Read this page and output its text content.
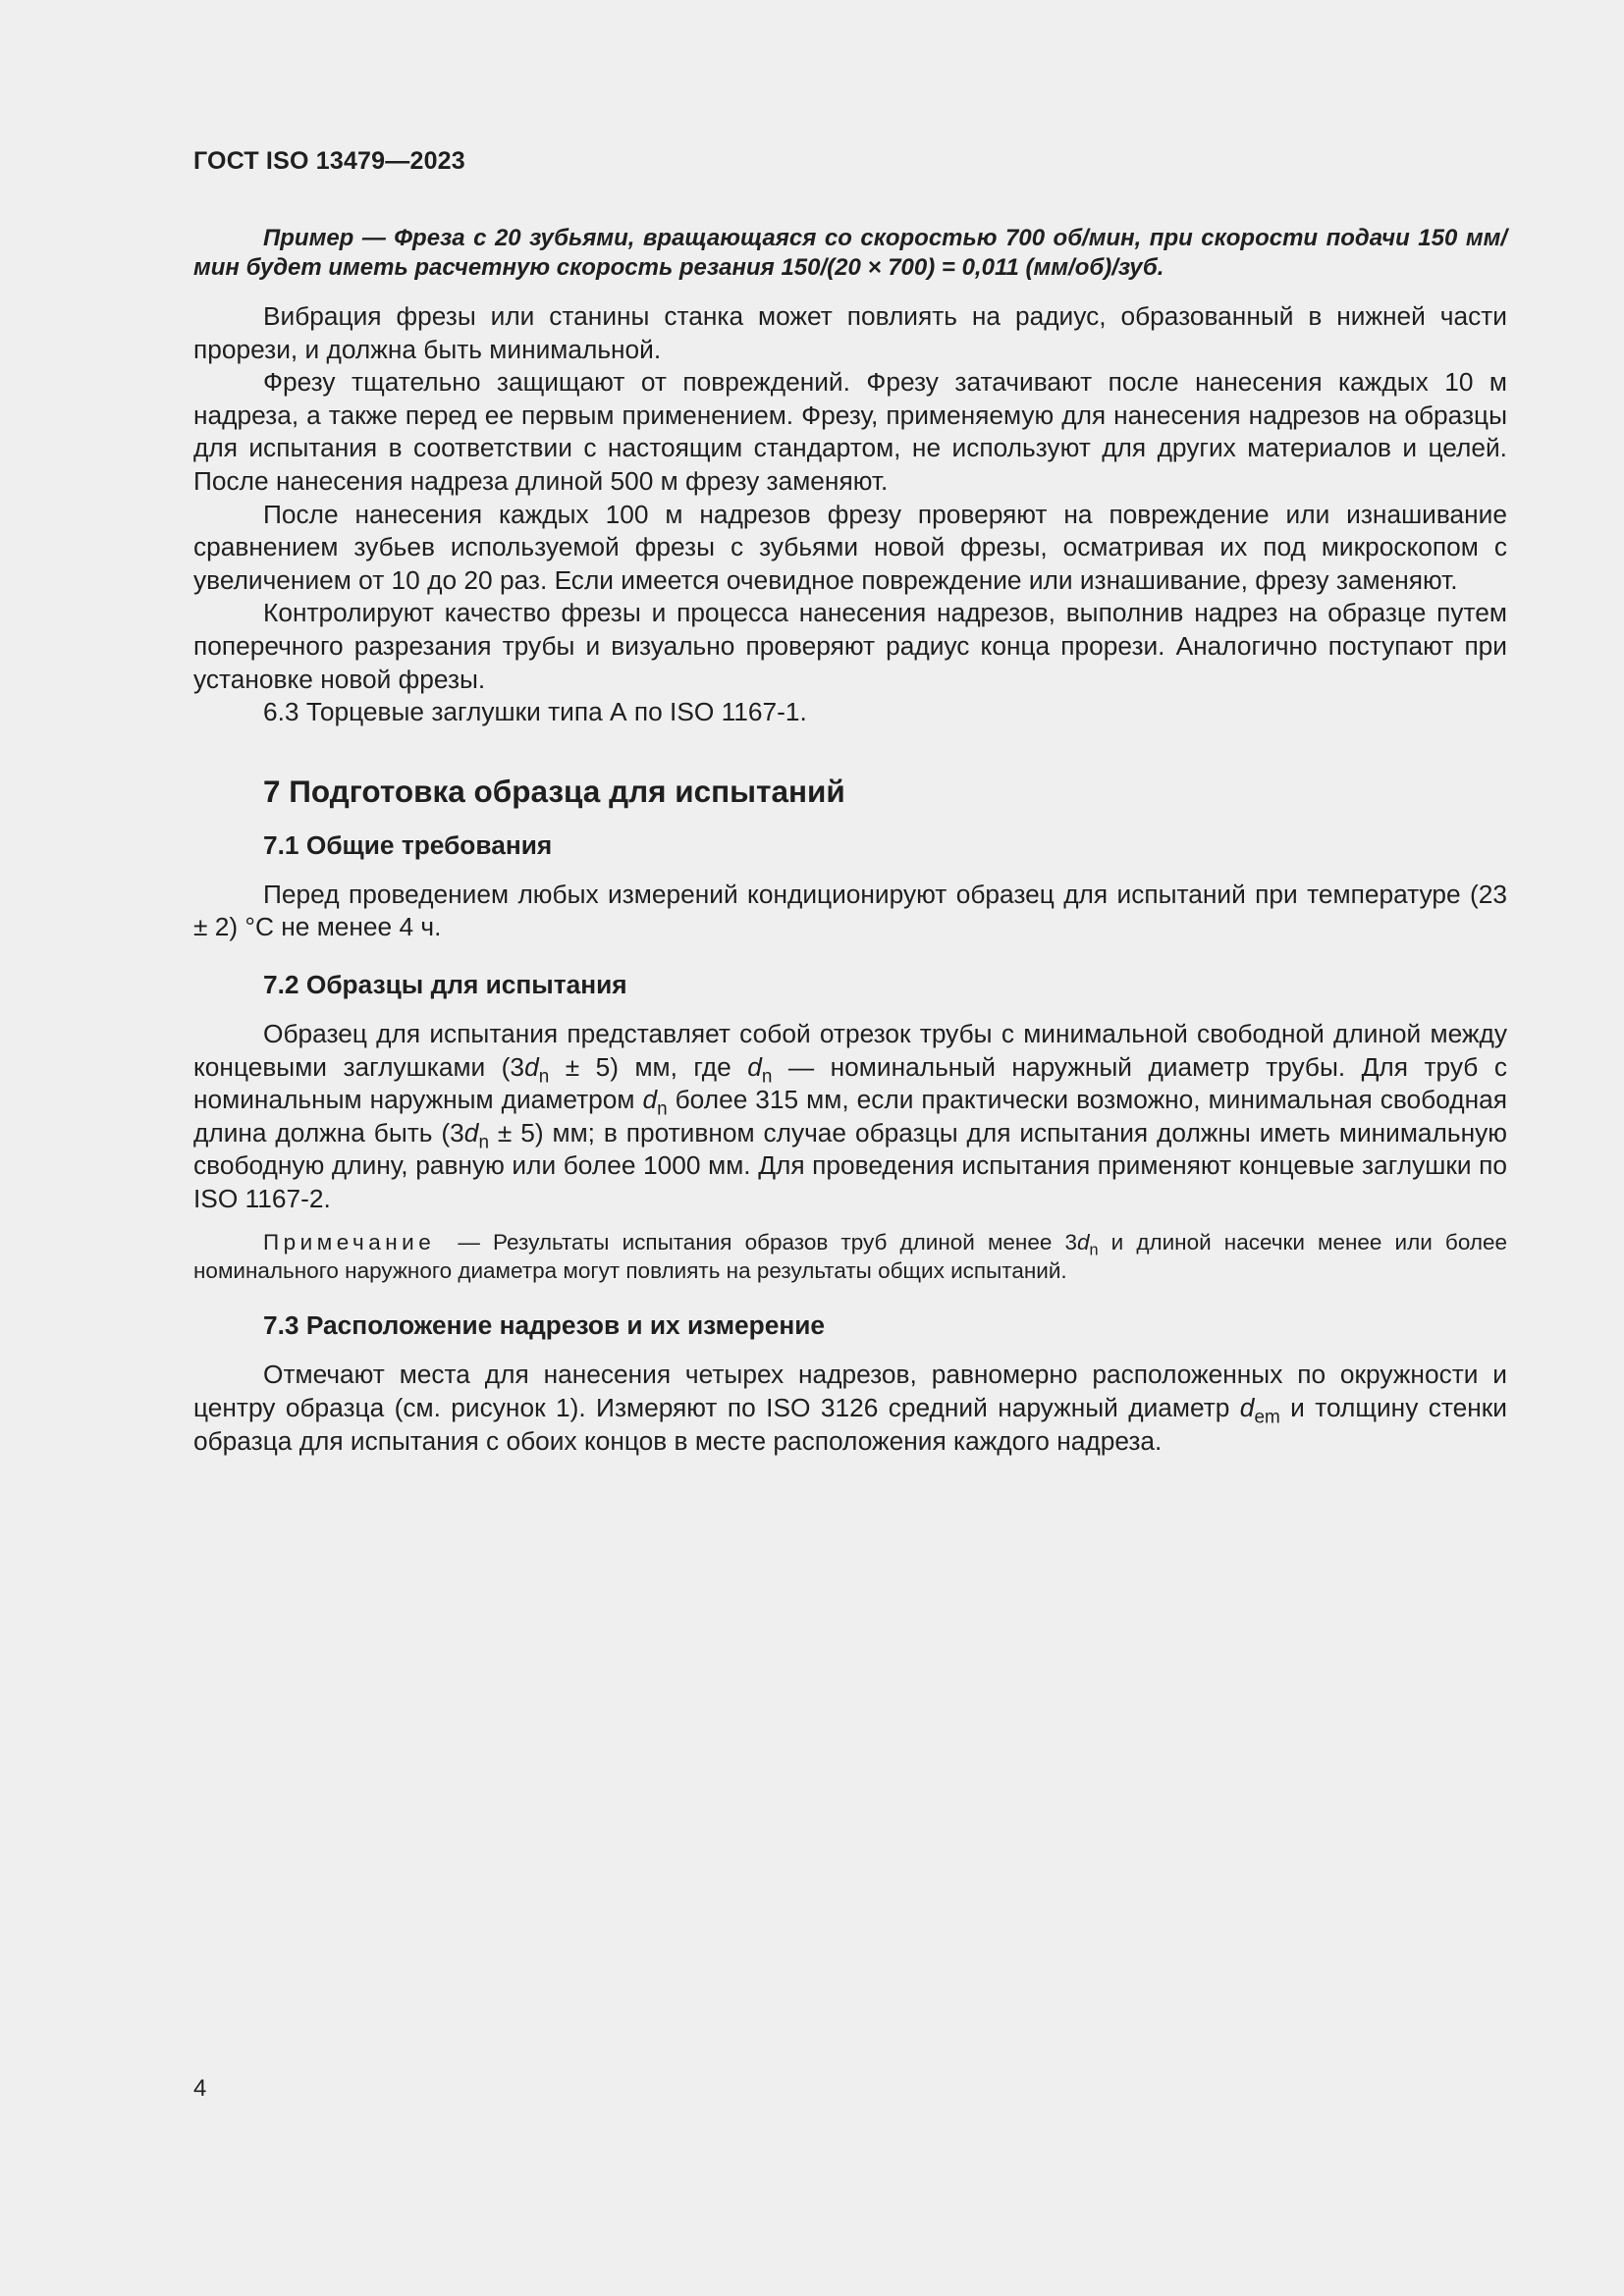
ГОСТ ISO 13479—2023

Пример — Фреза с 20 зубьями, вращающаяся со скоростью 700 об/мин, при скорости подачи 150 мм/мин будет иметь расчетную скорость резания 150/(20 × 700) = 0,011 (мм/об)/зуб.

Вибрация фрезы или станины станка может повлиять на радиус, образованный в нижней части прорези, и должна быть минимальной.

Фрезу тщательно защищают от повреждений. Фрезу затачивают после нанесения каждых 10 м надреза, а также перед ее первым применением. Фрезу, применяемую для нанесения надрезов на образцы для испытания в соответствии с настоящим стандартом, не используют для других материалов и целей. После нанесения надреза длиной 500 м фрезу заменяют.

После нанесения каждых 100 м надрезов фрезу проверяют на повреждение или изнашивание сравнением зубьев используемой фрезы с зубьями новой фрезы, осматривая их под микроскопом с увеличением от 10 до 20 раз. Если имеется очевидное повреждение или изнашивание, фрезу заменяют.

Контролируют качество фрезы и процесса нанесения надрезов, выполнив надрез на образце путем поперечного разрезания трубы и визуально проверяют радиус конца прорези. Аналогично поступают при установке новой фрезы.

6.3 Торцевые заглушки типа А по ISO 1167-1.

7 Подготовка образца для испытаний
7.1 Общие требования

Перед проведением любых измерений кондиционируют образец для испытаний при температуре (23 ± 2) °С не менее 4 ч.

7.2 Образцы для испытания

Образец для испытания представляет собой отрезок трубы с минимальной свободной длиной между концевыми заглушками $(3d_n \pm 5)$ мм, где $d_n$ — номинальный наружный диаметр трубы. Для труб с номинальным наружным диаметром $d_n$ более 315 мм, если практически возможно, минимальная свободная длина должна быть $(3d_n \pm 5)$ мм; в противном случае образцы для испытания должны иметь минимальную свободную длину, равную или более 1000 мм. Для проведения испытания применяют концевые заглушки по ISO 1167-2.

Примечание — Результаты испытания образов труб длиной менее $3d_n$ и длиной насечки менее или более номинального наружного диаметра могут повлиять на результаты общих испытаний.

7.3 Расположение надрезов и их измерение

Отмечают места для нанесения четырех надрезов, равномерно расположенных по окружности и центру образца (см. рисунок 1). Измеряют по ISO 3126 средний наружный диаметр $d_{em}$ и толщину стенки образца для испытания с обоих концов в месте расположения каждого надреза.

4
